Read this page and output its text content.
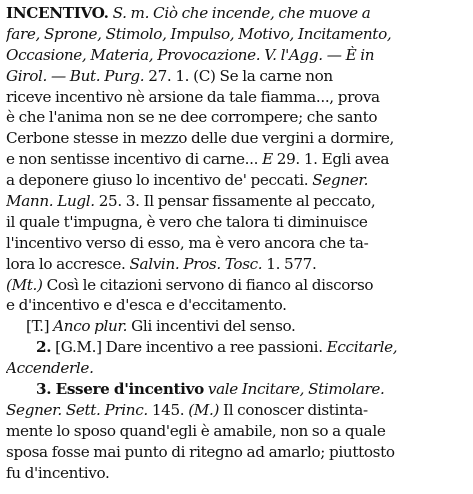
INCENTIVO. S. m. Ciò che incende, che muove a
fare, Sprone, Stimolo, Impulso, Motivo, Incitamento,
Occasione, Materia, Provocazione. V. l'Agg. — È in
Girol. — But. Purg. 27. 1. (C) Se la carne non
riceve incentivo nè arsione da tale fiamma..., prova
è che l'anima non se ne dee corrompere; che santo
Cerbone stesse in mezzo delle due vergini a dormire,
e non sentisse incentivo di carne... E 29. 1. Egli avea
a deponere giuso lo incentivo de' peccati. Segner.
Mann. Lugl. 25. 3. Il pensar fissamente al peccato,
il quale t'impugna, è vero che talora ti diminuisce
l'incentivo verso di esso, ma è vero ancora che ta-
lora lo accresce. Salvin. Pros. Tosc. 1. 577.
(Mt.) Così le citazioni servono di fianco al discorso
e d'incentivo e d'esca e d'eccitamento.
[T.] Anco plur. Gli incentivi del senso.
2. [G.M.] Dare incentivo a ree passioni. Eccitarle,
Accenderle.
3. Essere d'incentivo vale Incitare, Stimolare.
Segner. Sett. Princ. 145. (M.) Il conoscer distinta-
mente lo sposo quand'egli è amabile, non so a quale
sposa fosse mai punto di ritegno ad amarlo; piuttosto
fu d'incentivo.
